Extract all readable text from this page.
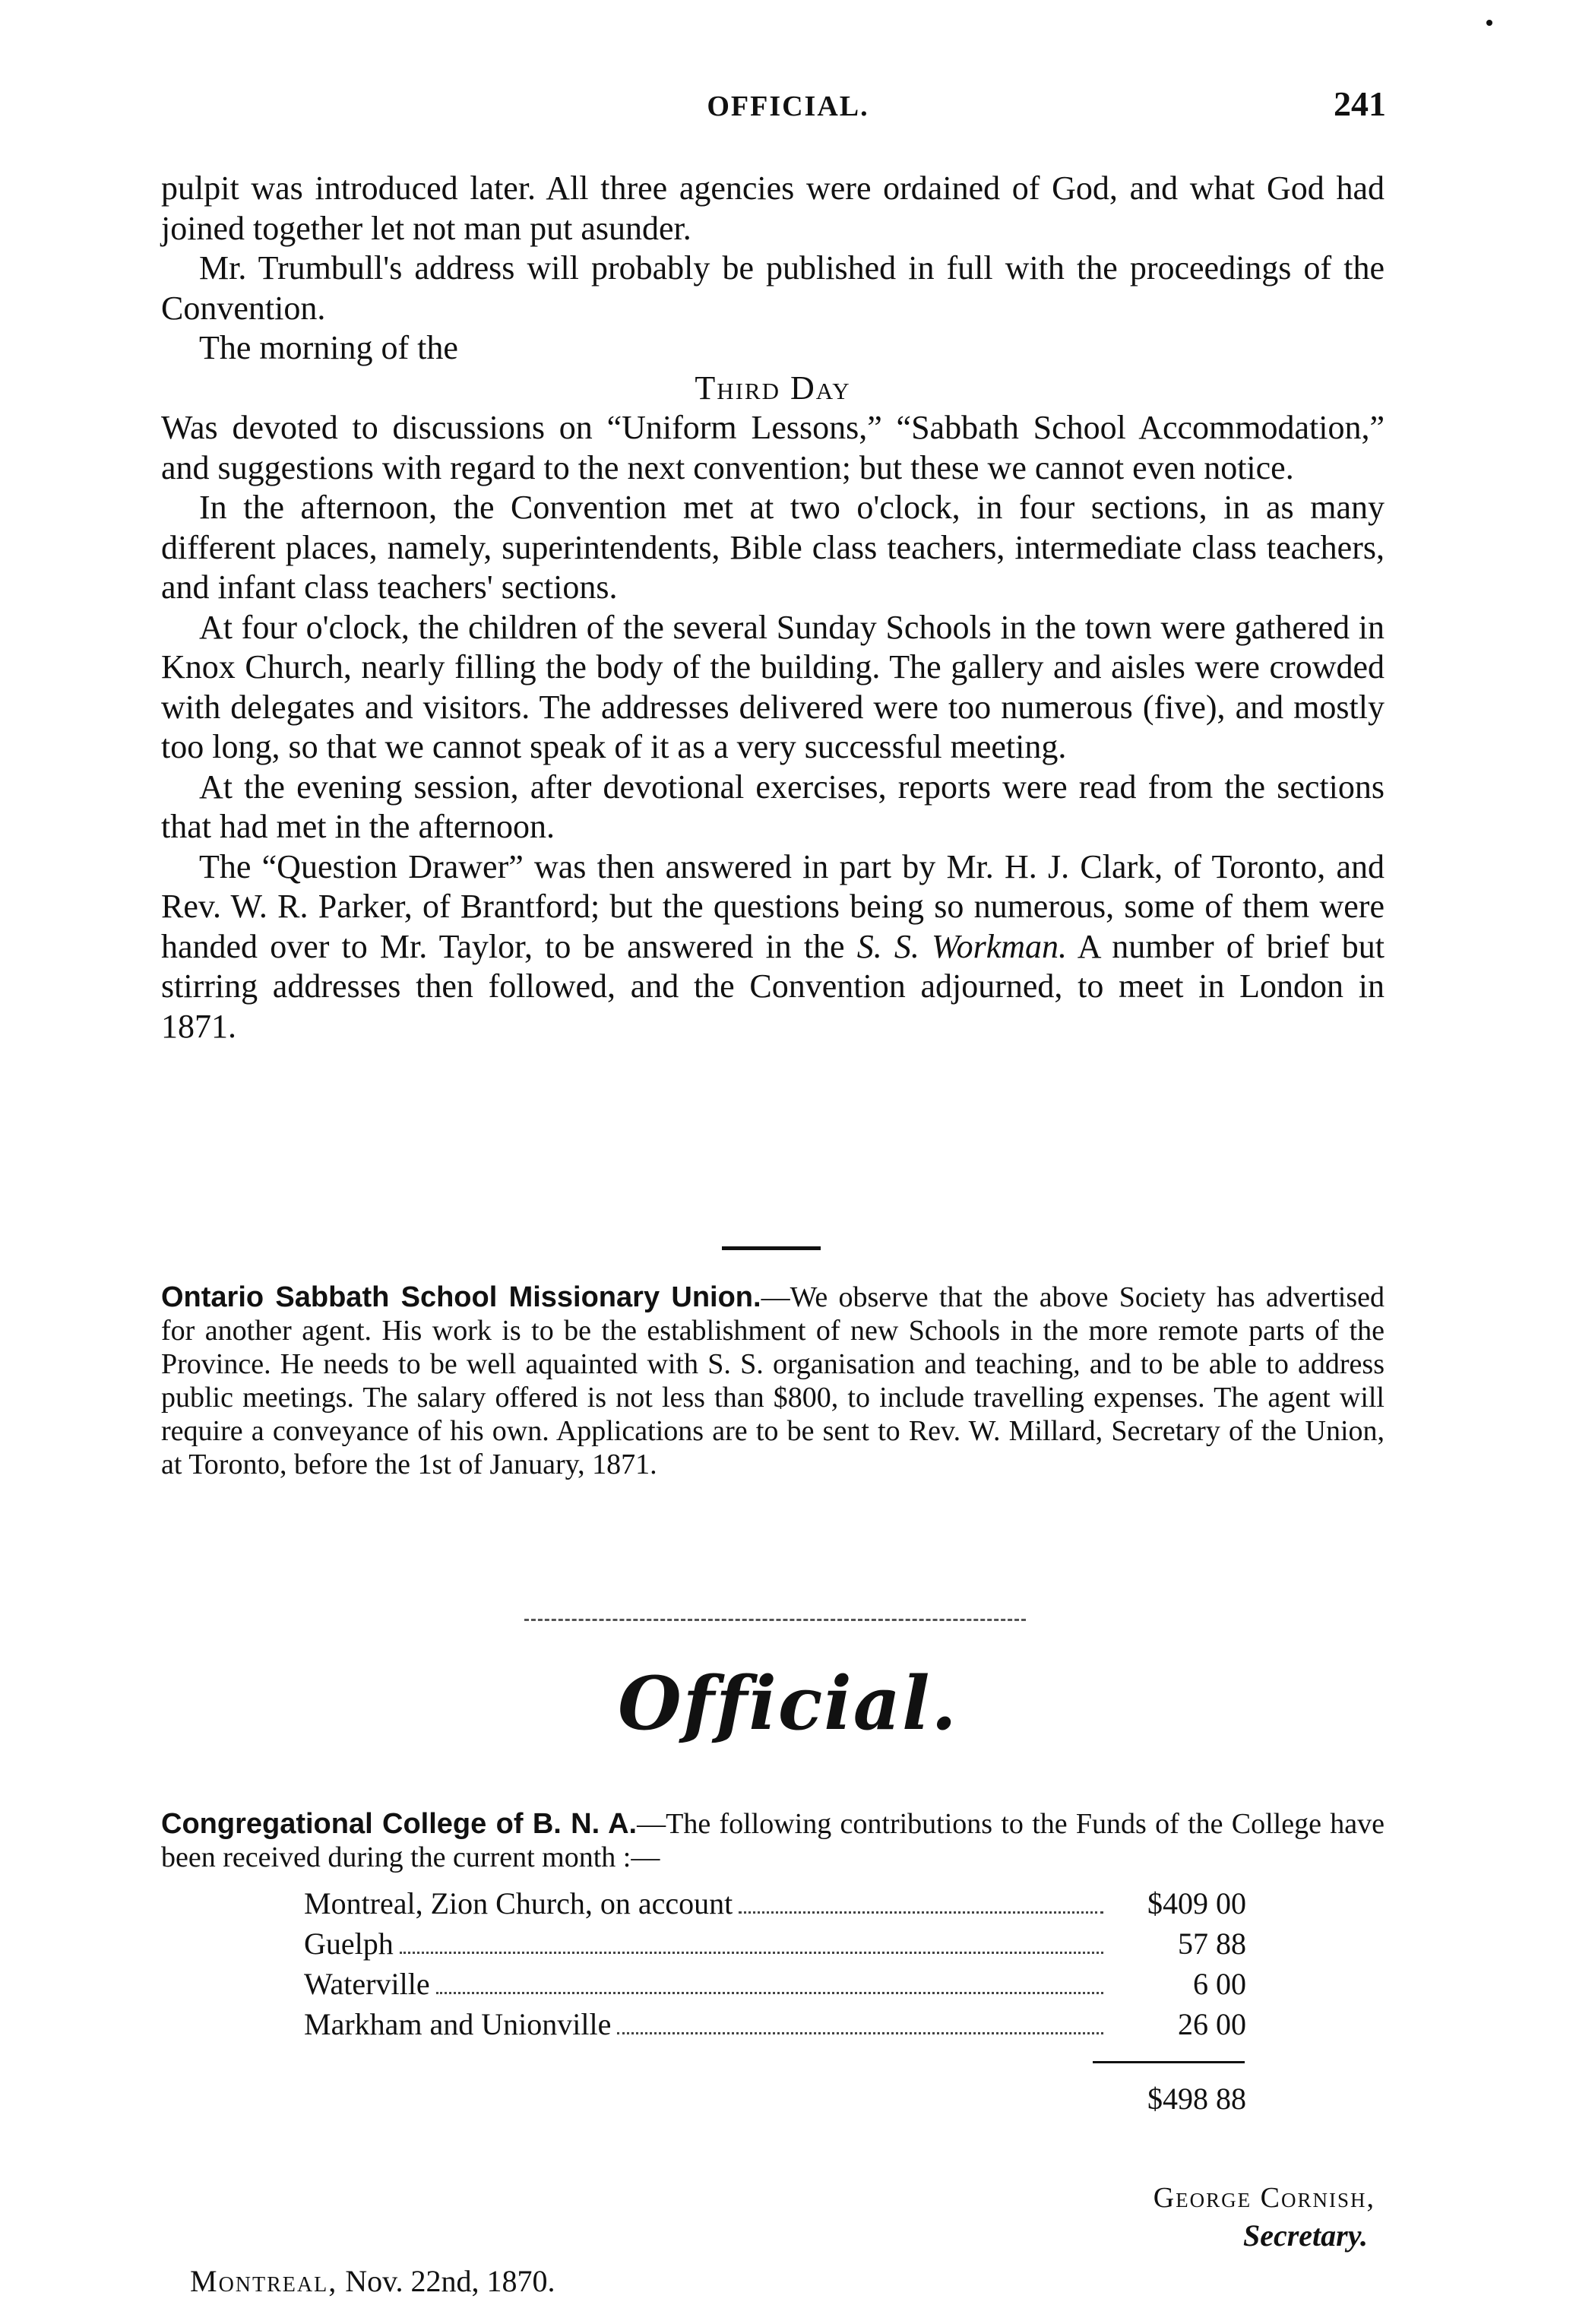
OFFICIAL.	241

pulpit was introduced later. All three agencies were ordained of God, and what God had joined together let not man put asunder.

Mr. Trumbull's address will probably be published in full with the proceedings of the Convention.

The morning of the

Third Day

Was devoted to discussions on “Uniform Lessons,” “Sabbath School Accommodation,” and suggestions with regard to the next convention; but these we cannot even notice.

In the afternoon, the Convention met at two o'clock, in four sections, in as many different places, namely, superintendents, Bible class teachers, intermediate class teachers, and infant class teachers' sections.

At four o'clock, the children of the several Sunday Schools in the town were gathered in Knox Church, nearly filling the body of the building. The gallery and aisles were crowded with delegates and visitors. The addresses delivered were too numerous (five), and mostly too long, so that we cannot speak of it as a very successful meeting.

At the evening session, after devotional exercises, reports were read from the sections that had met in the afternoon.

The “Question Drawer” was then answered in part by Mr. H. J. Clark, of Toronto, and Rev. W. R. Parker, of Brantford; but the questions being so numerous, some of them were handed over to Mr. Taylor, to be answered in the S. S. Workman. A number of brief but stirring addresses then followed, and the Convention adjourned, to meet in London in 1871.

Ontario Sabbath School Missionary Union.—We observe that the above Society has advertised for another agent. His work is to be the establishment of new Schools in the more remote parts of the Province. He needs to be well aquainted with S. S. organisation and teaching, and to be able to address public meetings. The salary offered is not less than $800, to include travelling expenses. The agent will require a conveyance of his own. Applications are to be sent to Rev. W. Millard, Secretary of the Union, at Toronto, before the 1st of January, 1871.

Official.

Congregational College of B. N. A.—The following contributions to the Funds of the College have been received during the current month :—

Montreal, Zion Church, on account	$409 00
Guelph	57 88
Waterville	6 00
Markham and Unionville	26 00
$498 88
George Cornish,
Secretary.
Montreal, Nov. 22nd, 1870.
